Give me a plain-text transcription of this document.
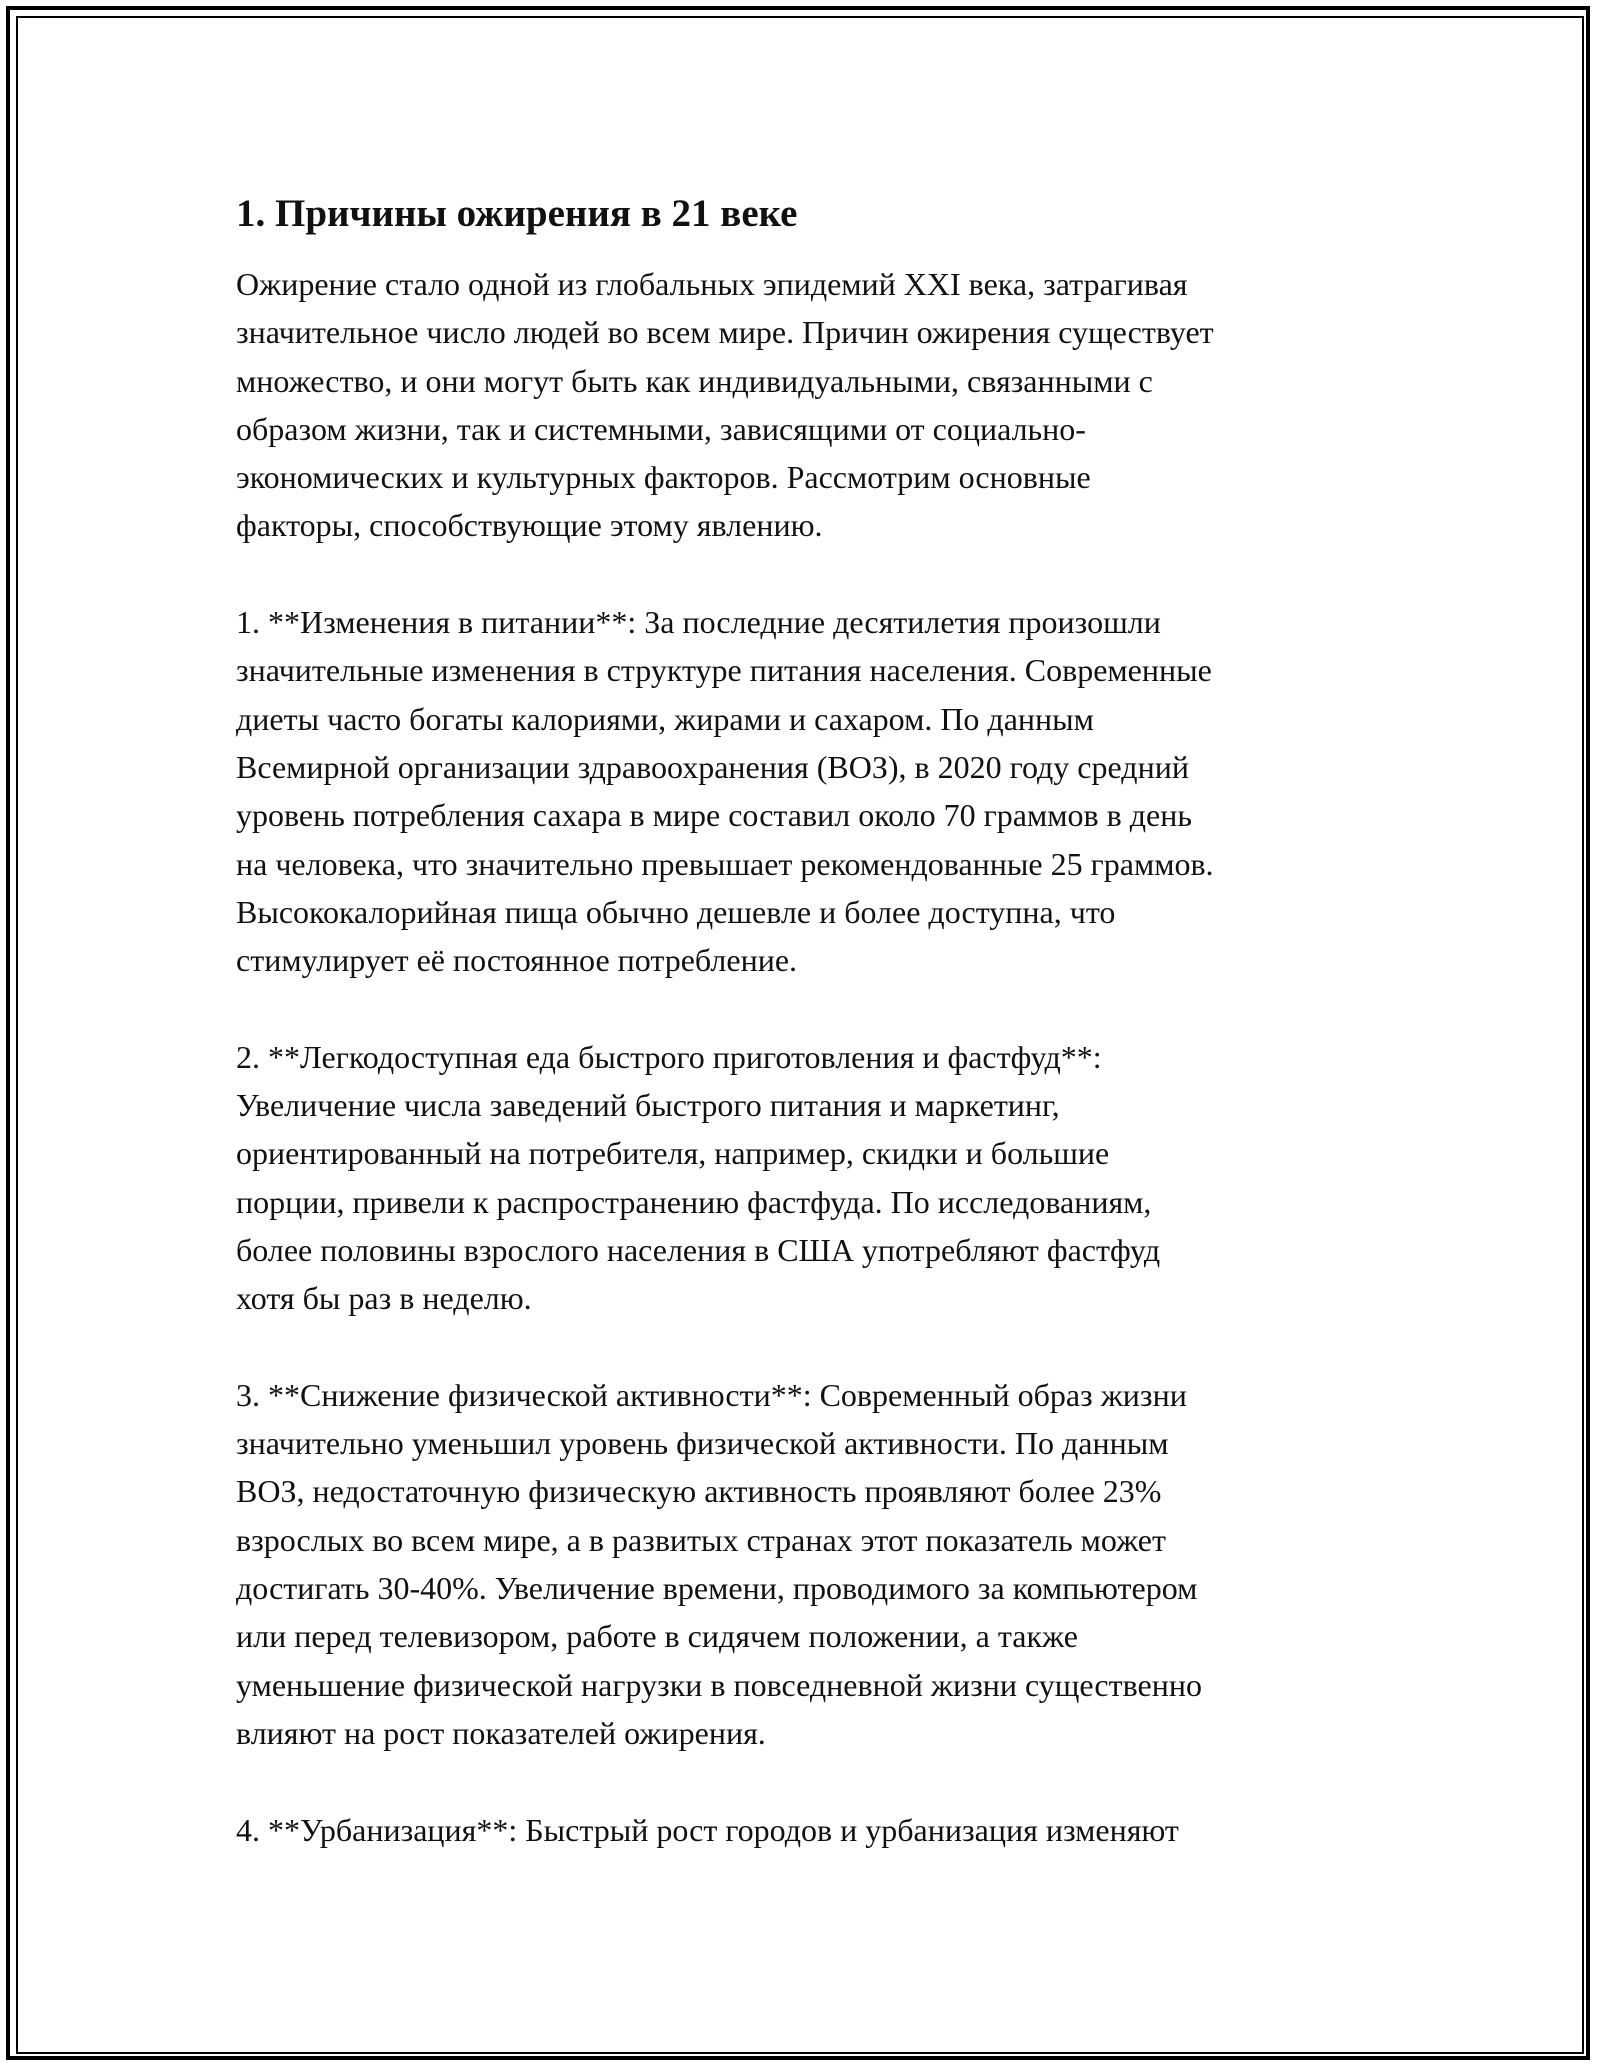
1. Причины ожирения в 21 веке
Ожирение стало одной из глобальных эпидемий XXI века, затрагивая
значительное число людей во всем мире. Причин ожирения существует
множество, и они могут быть как индивидуальными, связанными с
образом жизни, так и системными, зависящими от социально-
экономических и культурных факторов. Рассмотрим основные
факторы, способствующие этому явлению.
1. **Изменения в питании**: За последние десятилетия произошли
значительные изменения в структуре питания населения. Современные
диеты часто богаты калориями, жирами и сахаром. По данным
Всемирной организации здравоохранения (ВОЗ), в 2020 году средний
уровень потребления сахара в мире составил около 70 граммов в день
на человека, что значительно превышает рекомендованные 25 граммов.
Высококалорийная пища обычно дешевле и более доступна, что
стимулирует её постоянное потребление.
2. **Легкодоступная еда быстрого приготовления и фастфуд**:
Увеличение числа заведений быстрого питания и маркетинг,
ориентированный на потребителя, например, скидки и большие
порции, привели к распространению фастфуда. По исследованиям,
более половины взрослого населения в США употребляют фастфуд
хотя бы раз в неделю.
3. **Снижение физической активности**: Современный образ жизни
значительно уменьшил уровень физической активности. По данным
ВОЗ, недостаточную физическую активность проявляют более 23%
взрослых во всем мире, а в развитых странах этот показатель может
достигать 30-40%. Увеличение времени, проводимого за компьютером
или перед телевизором, работе в сидячем положении, а также
уменьшение физической нагрузки в повседневной жизни существенно
влияют на рост показателей ожирения.
4. **Урбанизация**: Быстрый рост городов и урбанизация изменяют
